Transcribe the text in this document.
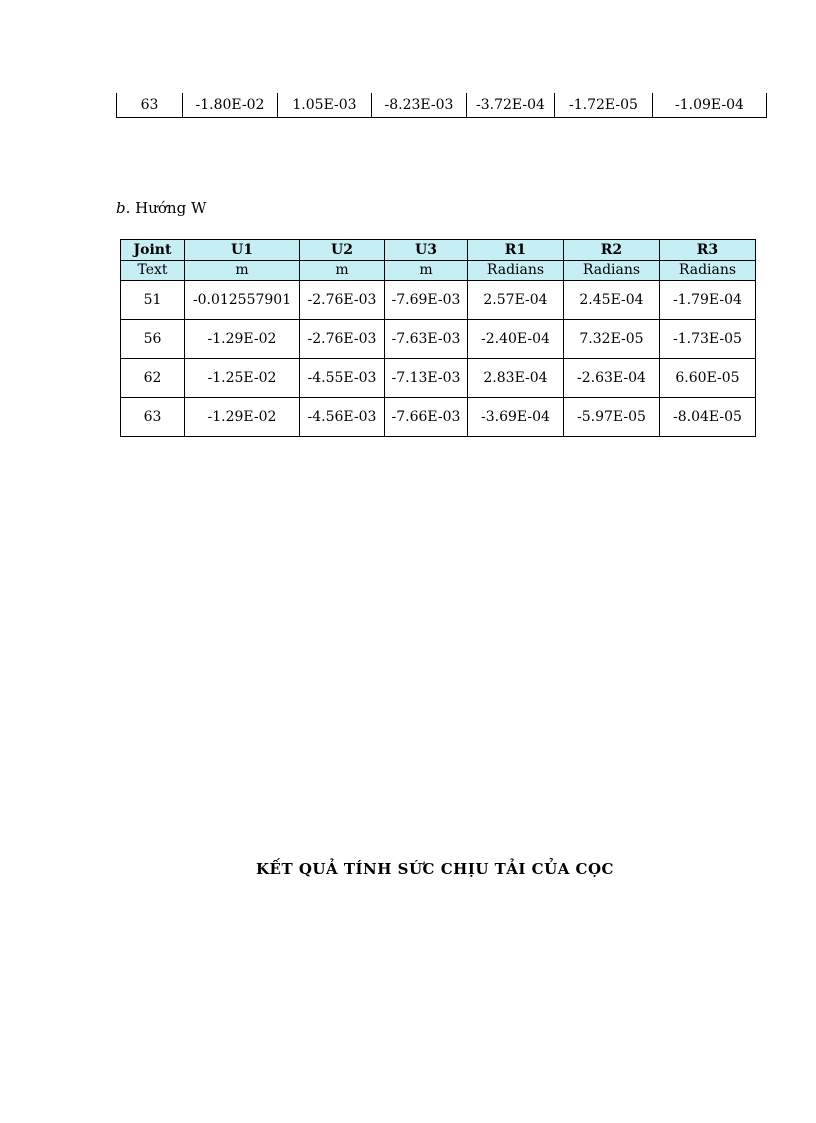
63	-1.80E-02	1.05E-03	-8.23E-03	-3.72E-04	-1.72E-05	-1.09E-04
b. Hướng W
Joint	U1	U2	U3	R1	R2	R3
Text	m	m	m	Radians	Radians	Radians
51	-0.012557901	-2.76E-03	-7.69E-03	2.57E-04	2.45E-04	-1.79E-04
56	-1.29E-02	-2.76E-03	-7.63E-03	-2.40E-04	7.32E-05	-1.73E-05
62	-1.25E-02	-4.55E-03	-7.13E-03	2.83E-04	-2.63E-04	6.60E-05
63	-1.29E-02	-4.56E-03	-7.66E-03	-3.69E-04	-5.97E-05	-8.04E-05
KẾT QUẢ TÍNH SỨC CHỊU TẢI CỦA CỌC
